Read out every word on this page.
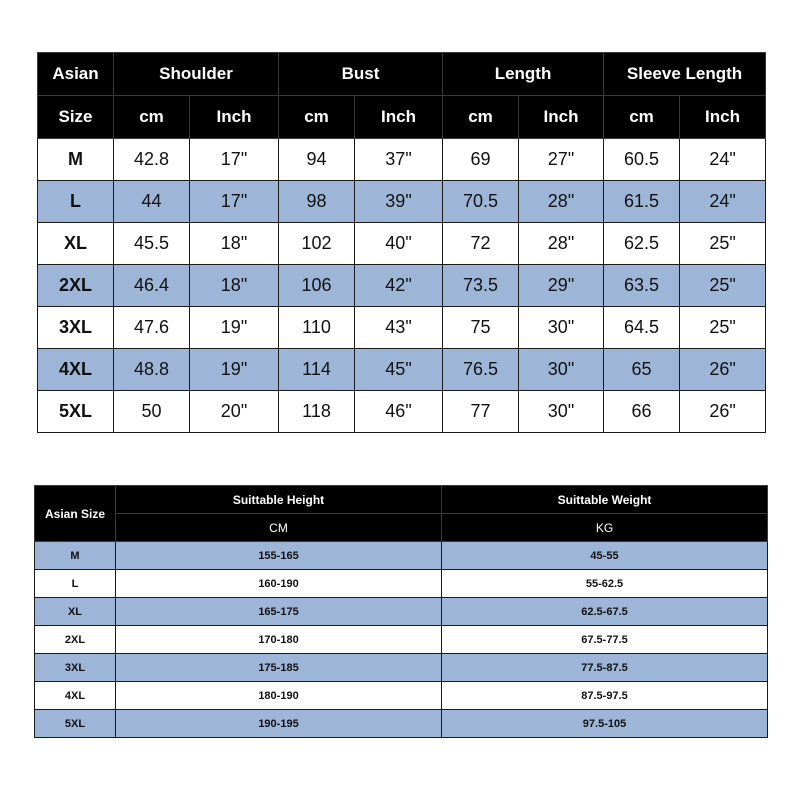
Asian	Shoulder		Bust		Length		Sleeve Length	
Size	cm	Inch	cm	Inch	cm	Inch	cm	Inch
M	42.8	17"	94	37"	69	27"	60.5	24"
L	44	17"	98	39"	70.5	28"	61.5	24"
XL	45.5	18"	102	40"	72	28"	62.5	25"
2XL	46.4	18"	106	42"	73.5	29"	63.5	25"
3XL	47.6	19"	110	43"	75	30"	64.5	25"
4XL	48.8	19"	114	45"	76.5	30"	65	26"
5XL	50	20"	118	46"	77	30"	66	26"
Asian Size	Suittable Height	Suittable Weight
	CM	KG
M	155-165	45-55
L	160-190	55-62.5
XL	165-175	62.5-67.5
2XL	170-180	67.5-77.5
3XL	175-185	77.5-87.5
4XL	180-190	87.5-97.5
5XL	190-195	97.5-105
